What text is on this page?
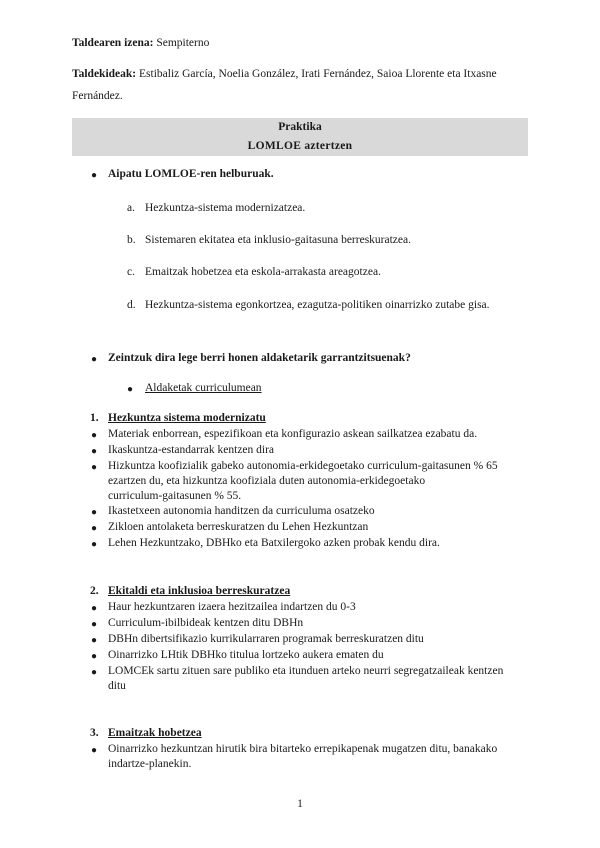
Taldearen izena: Sempiterno
Taldekideak: Estibaliz García, Noelia González, Irati Fernández, Saioa Llorente eta Itxasne
Fernández.
Praktika
LOMLOE aztertzen
● Aipatu LOMLOE-ren helburuak.
a. Hezkuntza-sistema modernizatzea.
b. Sistemaren ekitatea eta inklusio-gaitasuna berreskuratzea.
c. Emaitzak hobetzea eta eskola-arrakasta areagotzea.
d. Hezkuntza-sistema egonkortzea, ezagutza-politiken oinarrizko zutabe gisa.
● Zeintzuk dira lege berri honen aldaketarik garrantzitsuenak?
● Aldaketak curriculumean
1. Hezkuntza sistema modernizatu
● Materiak enborrean, espezifikoan eta konfigurazio askean sailkatzea ezabatu da.
● Ikaskuntza-estandarrak kentzen dira
● Hizkuntza koofizialik gabeko autonomia-erkidegoetako curriculum-gaitasunen % 65
ezartzen du, eta hizkuntza koofiziala duten autonomia-erkidegoetako
curriculum-gaitasunen % 55.
● Ikastetxeen autonomia handitzen da curriculuma osatzeko
● Zikloen antolaketa berreskuratzen du Lehen Hezkuntzan
● Lehen Hezkuntzako, DBHko eta Batxilergoko azken probak kendu dira.
2. Ekitaldi eta inklusioa berreskuratzea
● Haur hezkuntzaren izaera hezitzailea indartzen du 0-3
● Curriculum-ibilbideak kentzen ditu DBHn
● DBHn dibertsifikazio kurrikularraren programak berreskuratzen ditu
● Oinarrizko LHtik DBHko titulua lortzeko aukera ematen du
● LOMCEk sartu zituen sare publiko eta itunduen arteko neurri segregatzaileak kentzen
ditu
3. Emaitzak hobetzea
● Oinarrizko hezkuntzan hirutik bira bitarteko errepikapenak mugatzen ditu, banakako
indartze-planekin.
1
